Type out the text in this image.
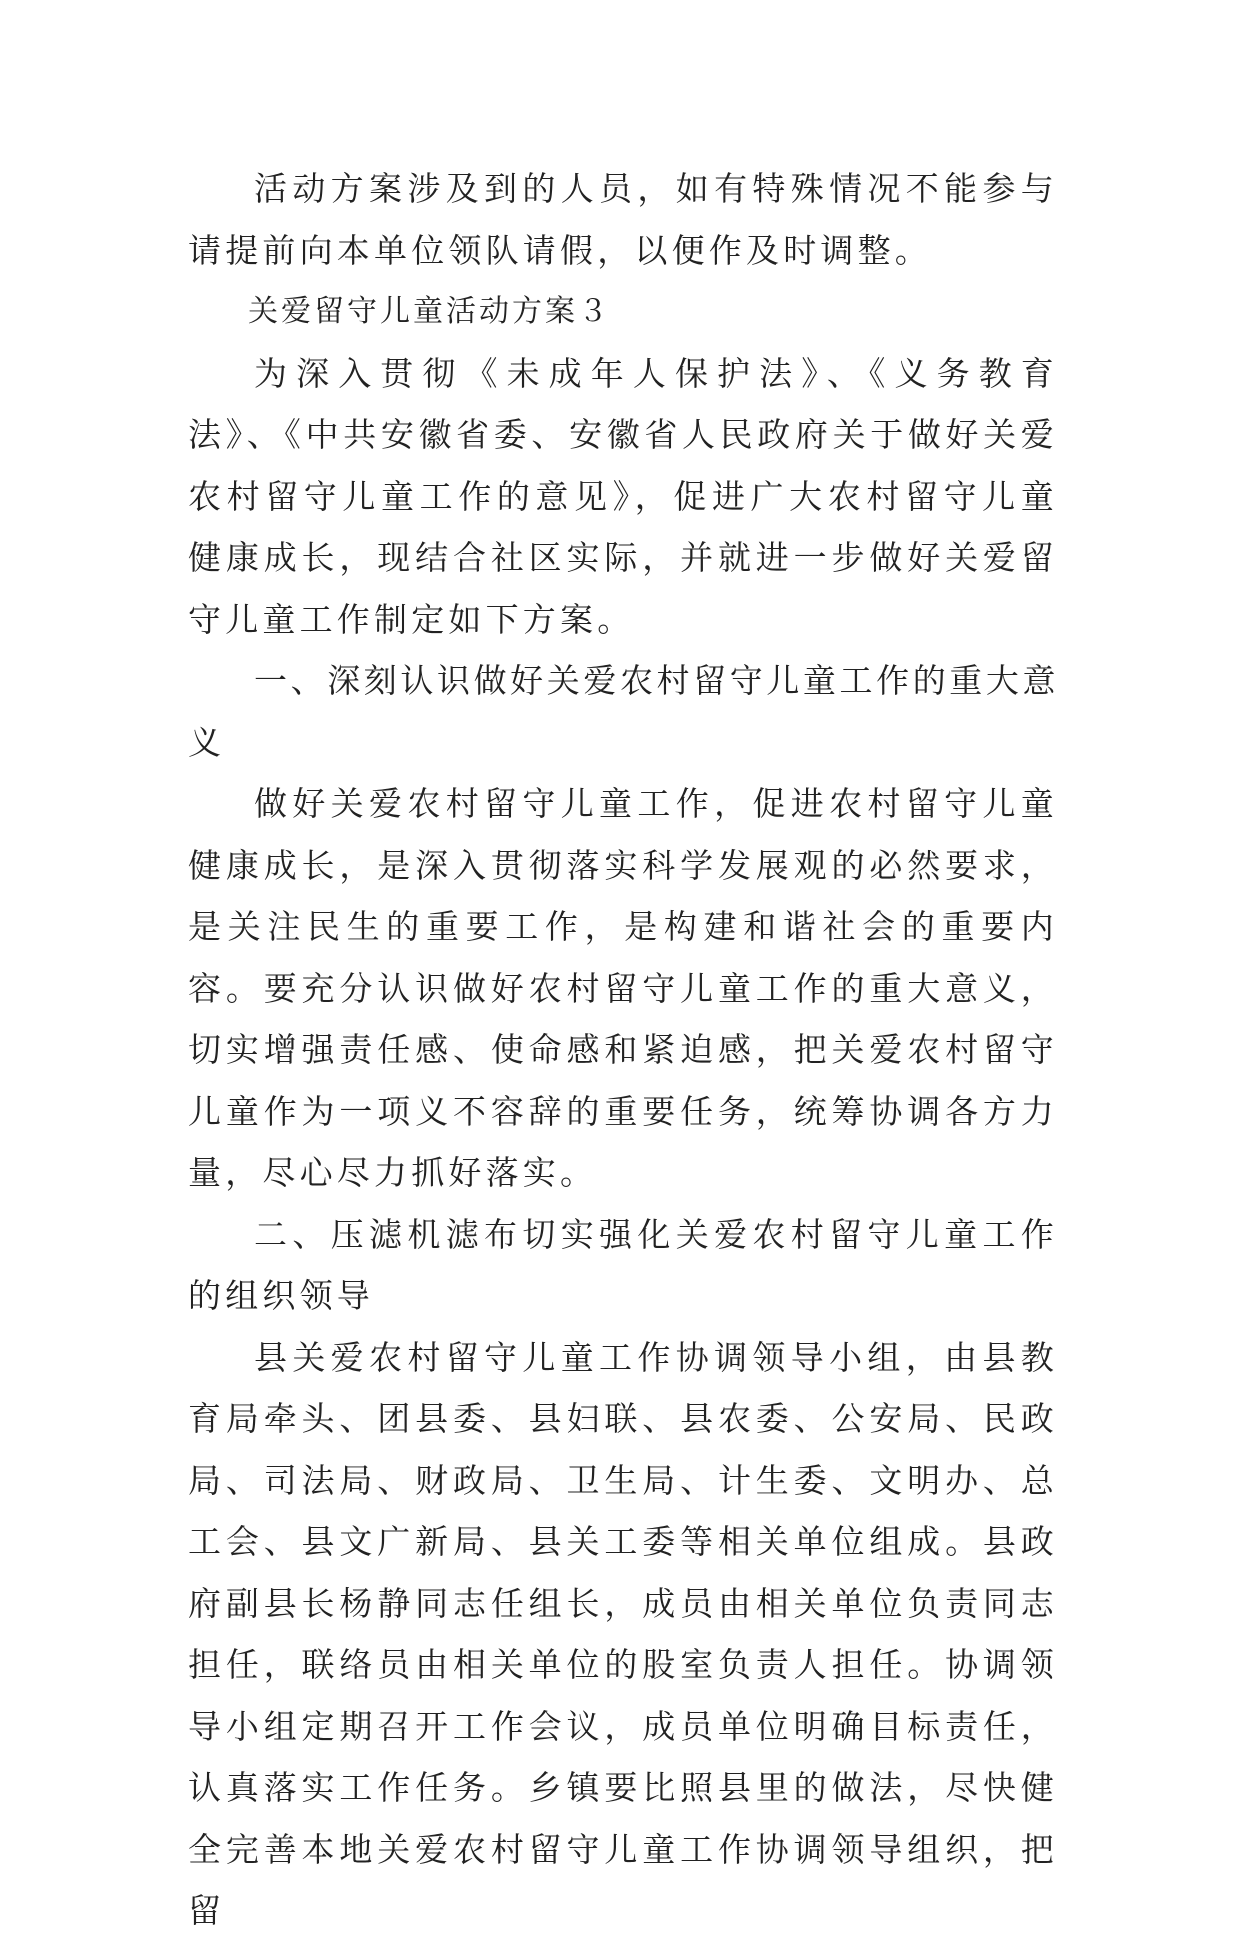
活动方案涉及到的人员，如有特殊情况不能参与请提前向本单位领队请假，以便作及时调整。

关爱留守儿童活动方案３

为深入贯彻《未成年人保护法》、《义务教育法》、《中共安徽省委、安徽省人民政府关于做好关爱农村留守儿童工作的意见》，促进广大农村留守儿童健康成长，现结合社区实际，并就进一步做好关爱留守儿童工作制定如下方案。

一、深刻认识做好关爱农村留守儿童工作的重大意义

做好关爱农村留守儿童工作，促进农村留守儿童健康成长，是深入贯彻落实科学发展观的必然要求，是关注民生的重要工作，是构建和谐社会的重要内容。要充分认识做好农村留守儿童工作的重大意义，切实增强责任感、使命感和紧迫感，把关爱农村留守儿童作为一项义不容辞的重要任务，统筹协调各方力量，尽心尽力抓好落实。

二、压滤机滤布切实强化关爱农村留守儿童工作的组织领导

县关爱农村留守儿童工作协调领导小组，由县教育局牵头、团县委、县妇联、县农委、公安局、民政局、司法局、财政局、卫生局、计生委、文明办、总工会、县文广新局、县关工委等相关单位组成。县政府副县长杨静同志任组长，成员由相关单位负责同志担任，联络员由相关单位的股室负责人担任。协调领导小组定期召开工作会议，成员单位明确目标责任，认真落实工作任务。乡镇要比照县里的做法，尽快健全完善本地关爱农村留守儿童工作协调领导组织，把留
